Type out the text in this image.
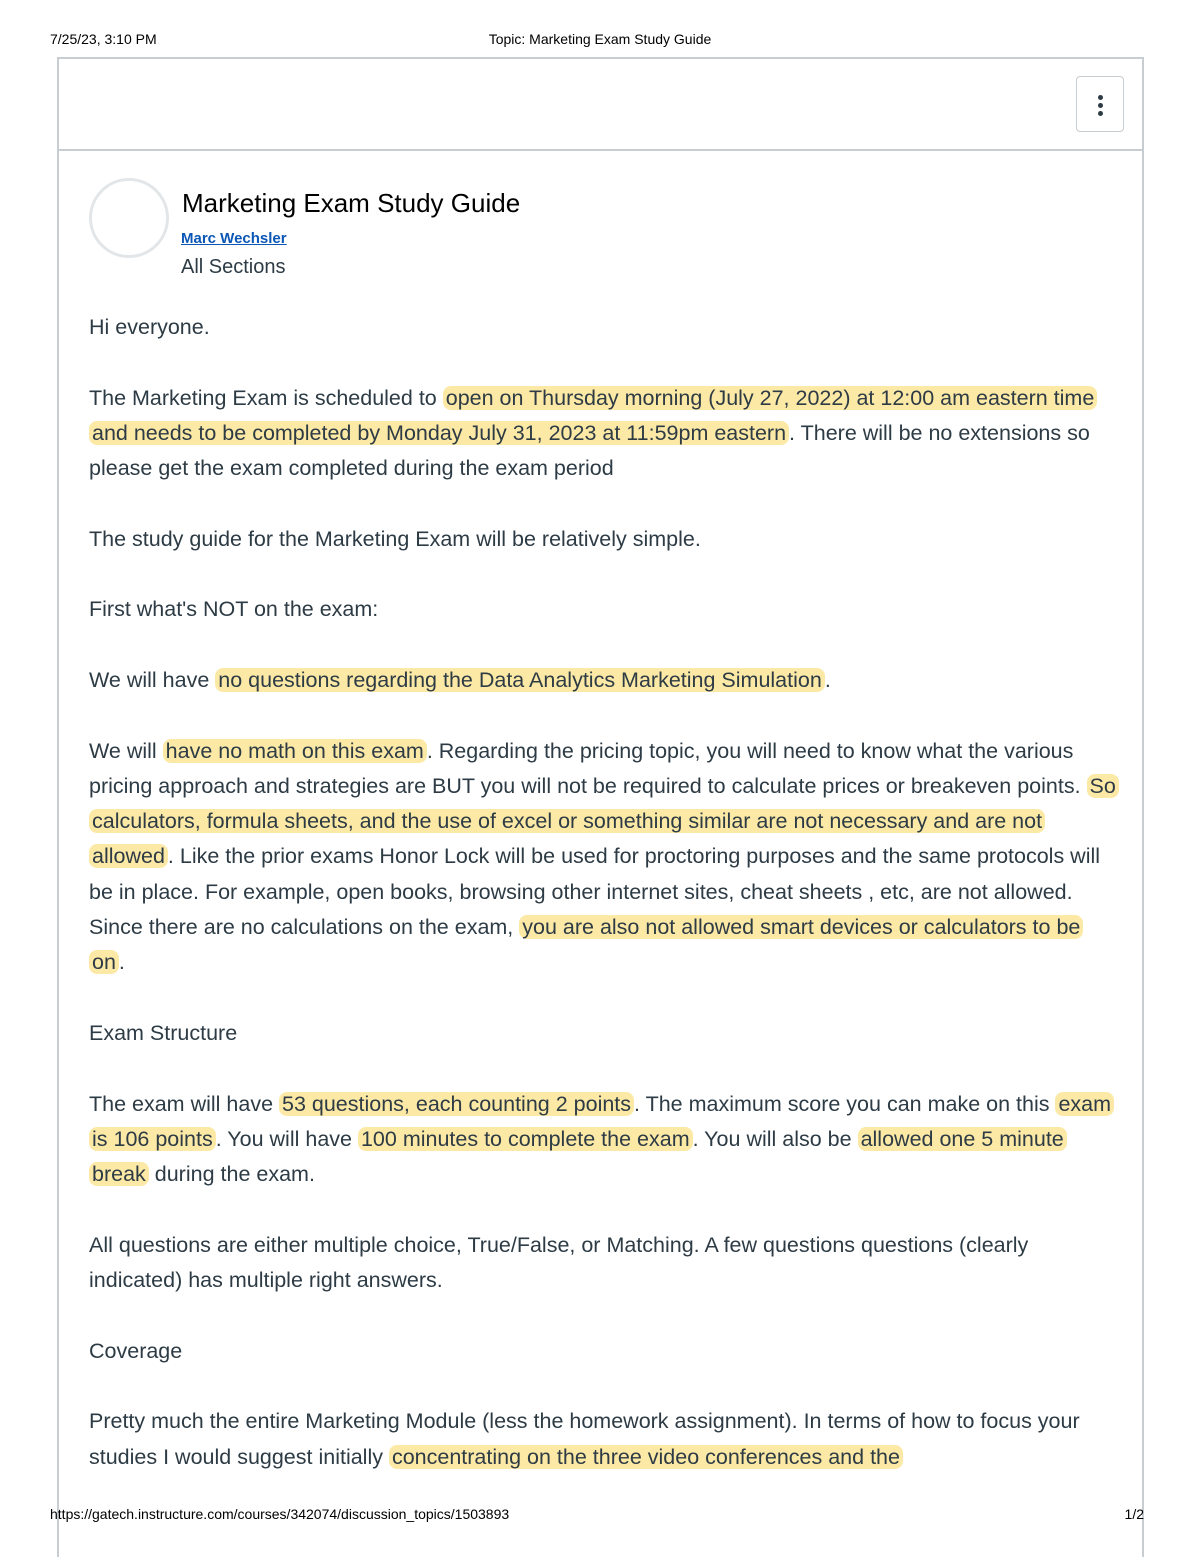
7/25/23, 3:10 PM	Topic: Marketing Exam Study Guide
Marketing Exam Study Guide
Marc Wechsler
All Sections

Hi everyone.

The Marketing Exam is scheduled to open on Thursday morning (July 27, 2022) at 12:00 am eastern time and needs to be completed by Monday July 31, 2023 at 11:59pm eastern . There will be no extensions so please get the exam completed during the exam period

The study guide for the Marketing Exam will be relatively simple.

First what's NOT on the exam:

We will have no questions regarding the Data Analytics Marketing Simulation .

We will have no math on this exam . Regarding the pricing topic, you will need to know what the various pricing approach and strategies are BUT you will not be required to calculate prices or breakeven points. So calculators, formula sheets, and the use of excel or something similar are not necessary and are not allowed . Like the prior exams Honor Lock will be used for proctoring purposes and the same protocols will be in place. For example, open books, browsing other internet sites, cheat sheets , etc, are not allowed. Since there are no calculations on the exam, you are also not allowed smart devices or calculators to be on .

Exam Structure

The exam will have 53 questions, each counting 2 points . The maximum score you can make on this exam is 106 points . You will have 100 minutes to complete the exam . You will also be allowed one 5 minute break during the exam.

All questions are either multiple choice, True/False, or Matching. A few questions questions (clearly indicated) has multiple right answers.

Coverage

Pretty much the entire Marketing Module (less the homework assignment). In terms of how to focus your studies I would suggest initially concentrating on the three video conferences and the

https://gatech.instructure.com/courses/342074/discussion_topics/1503893	1/2
